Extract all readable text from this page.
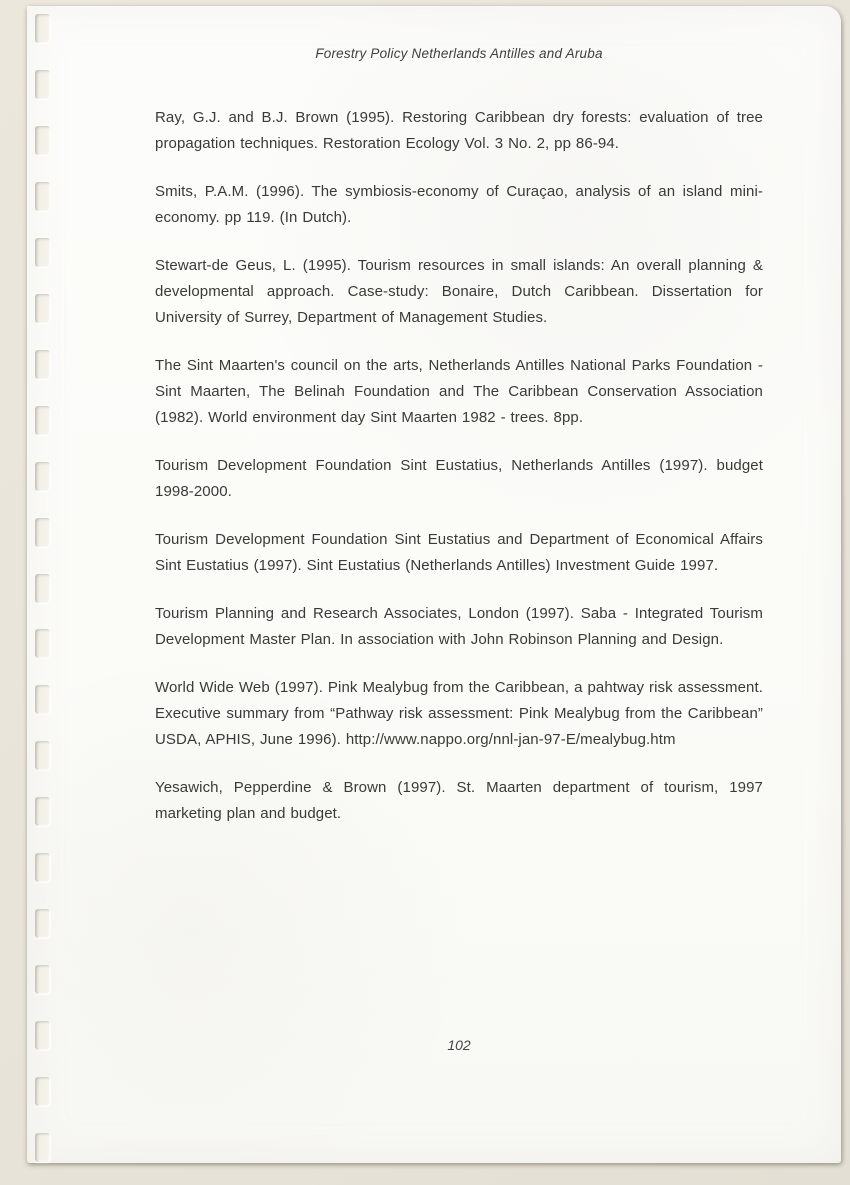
Forestry Policy Netherlands Antilles and Aruba

Ray, G.J. and B.J. Brown (1995). Restoring Caribbean dry forests: evaluation of tree propagation techniques. Restoration Ecology Vol. 3 No. 2, pp 86-94.

Smits, P.A.M. (1996). The symbiosis-economy of Curaçao, analysis of an island mini-economy. pp 119. (In Dutch).

Stewart-de Geus, L. (1995). Tourism resources in small islands: An overall planning & developmental approach. Case-study: Bonaire, Dutch Caribbean. Dissertation for University of Surrey, Department of Management Studies.

The Sint Maarten's council on the arts, Netherlands Antilles National Parks Foundation - Sint Maarten, The Belinah Foundation and The Caribbean Conservation Association (1982). World environment day Sint Maarten 1982 - trees. 8pp.

Tourism Development Foundation Sint Eustatius, Netherlands Antilles (1997). budget 1998-2000.

Tourism Development Foundation Sint Eustatius and Department of Economical Affairs Sint Eustatius (1997). Sint Eustatius (Netherlands Antilles) Investment Guide 1997.

Tourism Planning and Research Associates, London (1997). Saba - Integrated Tourism Development Master Plan. In association with John Robinson Planning and Design.

World Wide Web (1997). Pink Mealybug from the Caribbean, a pahtway risk assessment. Executive summary from “Pathway risk assessment: Pink Mealybug from the Caribbean” USDA, APHIS, June 1996). http://www.nappo.org/nnl-jan-97-E/mealybug.htm

Yesawich, Pepperdine & Brown (1997). St. Maarten department of tourism, 1997 marketing plan and budget.

102
